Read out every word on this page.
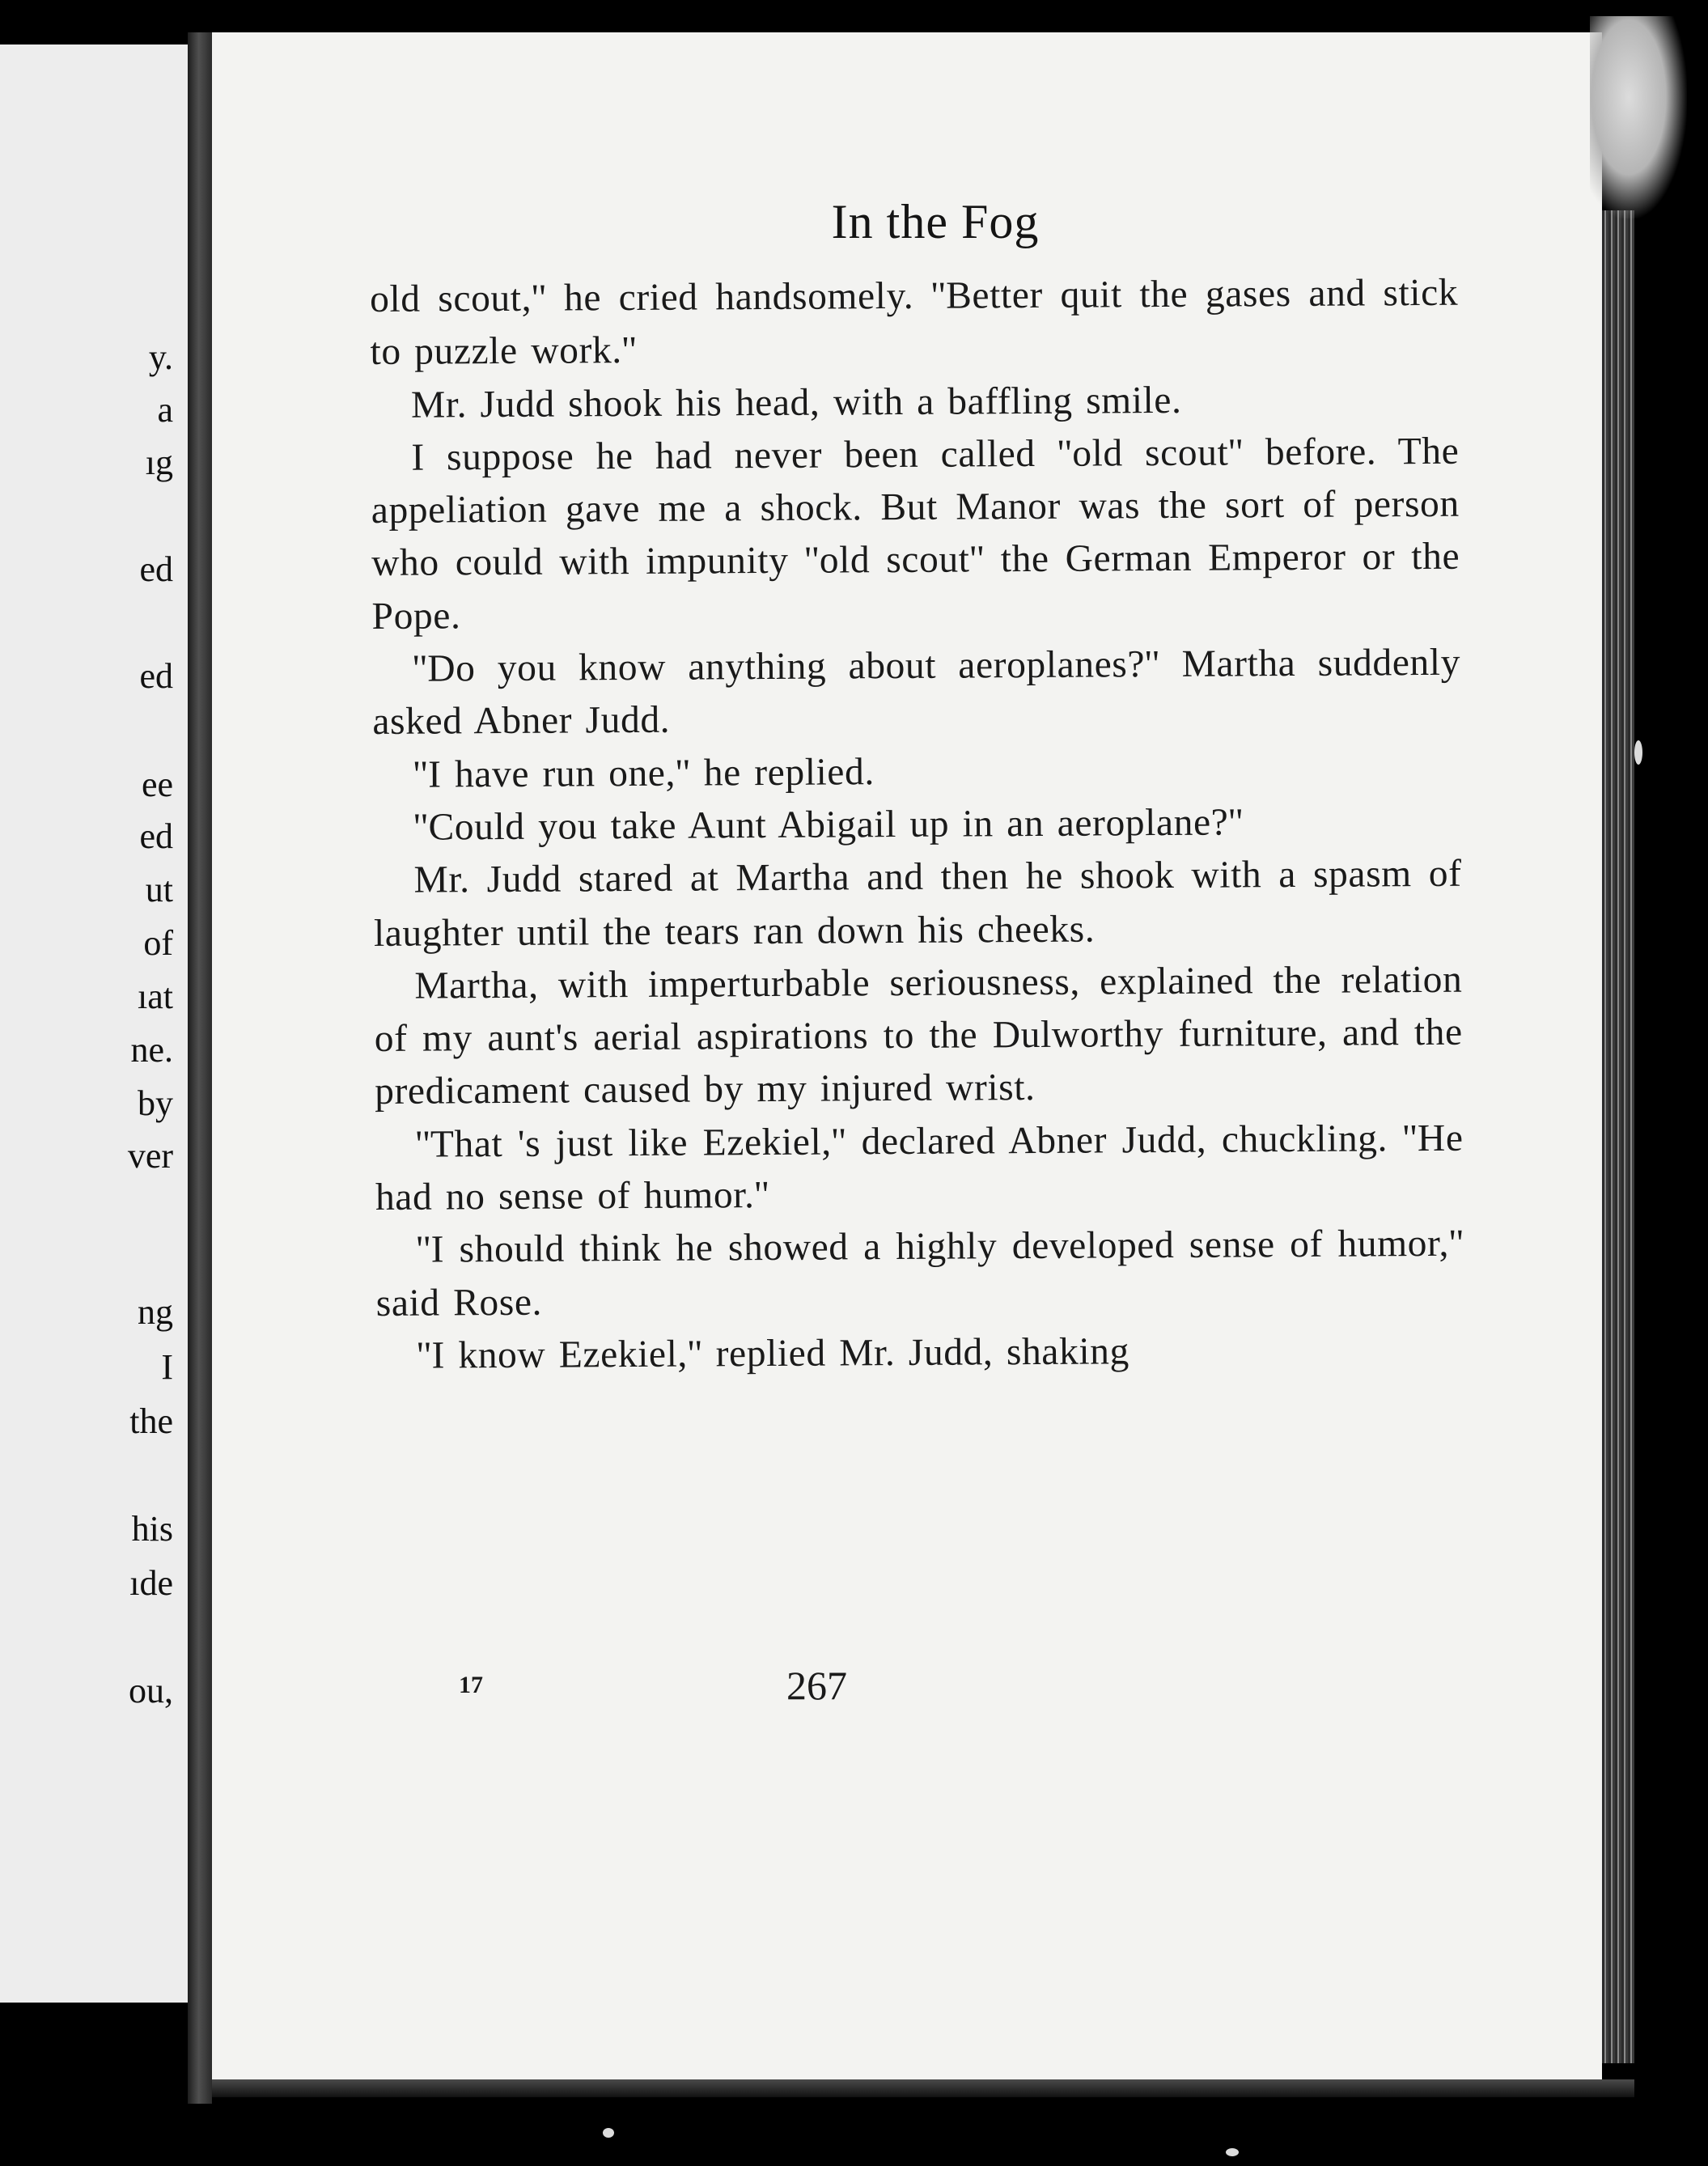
y.
a
ıg
ed
ed
ee
ed
ut
of
ıat
ne.
by
ver
ng
I
the
his
ıde
ou,
In the Fog

old scout,'' he cried handsomely. ''Better quit the gases and stick to puzzle work.''

Mr. Judd shook his head, with a baffling smile.

I suppose he had never been called ''old scout'' before. The appeliation gave me a shock. But Manor was the sort of person who could with impunity ''old scout'' the German Emperor or the Pope.

''Do you know anything about aeroplanes?'' Martha suddenly asked Abner Judd.

''I have run one,'' he replied.

''Could you take Aunt Abigail up in an aeroplane?''

Mr. Judd stared at Martha and then he shook with a spasm of laughter until the tears ran down his cheeks.

Martha, with imperturbable seriousness, explained the relation of my aunt's aerial aspirations to the Dulworthy furniture, and the predicament caused by my injured wrist.

''That 's just like Ezekiel,'' declared Abner Judd, chuckling. ''He had no sense of humor.''

''I should think he showed a highly developed sense of humor,'' said Rose.

''I know Ezekiel,'' replied Mr. Judd, shaking

17	267
